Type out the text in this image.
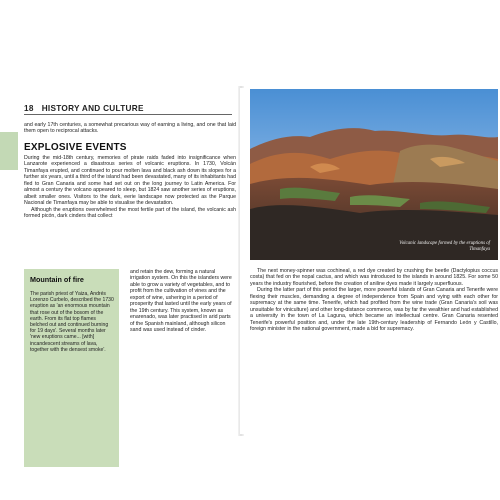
18 HISTORY AND CULTURE

and early 17th centuries, a somewhat precarious way of earning a living, and one that laid them open to reciprocal attacks.

EXPLOSIVE EVENTS

During the mid-18th century, memories of pirate raids faded into insignificance when Lanzarote experienced a disastrous series of volcanic eruptions. In 1730, Volcán Timanfaya erupted, and continued to pour molten lava and black ash down its slopes for a further six years, until a third of the island had been devastated, many of its inhabitants had fled to Gran Canaria and some had set out on the long journey to Latin America. For almost a century the volcano appeared to sleep, but 1824 saw another series of eruptions, albeit smaller ones. Visitors to the dark, eerie landscape now protected as the Parque Nacional de Timanfaya may be able to visualise the devastation.

Although the eruptions overwhelmed the most fertile part of the island, the volcanic ash formed picón, dark cinders that collect

Mountain of fire
The parish priest of Yaiza, Andrés Lorenzo Curbelo, described the 1730 eruption as 'an enormous mountain that rose out of the bosom of the earth. From its flat top flames belched out and continued burning for 19 days'. Several months later 'new eruptions came... [with] incandescent streams of lava, together with the densest smoke'.

and retain the dew, forming a natural irrigation system. On this the islanders were able to grow a variety of vegetables, and to profit from the cultivation of vines and the export of wine, ushering in a period of prosperity that lasted until the early years of the 19th century. This system, known as enarenado, was later practised in arid parts of the Spanish mainland, although silicon sand was used instead of cinder.

Volcanic landscape formed by the eruptions of Timanfaya

The next money-spinner was cochineal, a red dye created by crushing the beetle (Dactylopius coccus costa) that fed on the nopal cactus, and which was introduced to the islands in around 1825. For some 50 years the industry flourished, before the creation of aniline dyes made it largely superfluous.

During the latter part of this period the larger, more powerful islands of Gran Canaria and Tenerife were flexing their muscles, demanding a degree of independence from Spain and vying with each other for supremacy at the same time. Tenerife, which had profited from the wine trade (Gran Canaria's soil was unsuitable for viniculture) and other long-distance commerce, was by far the wealthier and had established a university in the town of La Laguna, which became an intellectual centre. Gran Canaria resented Tenerife's powerful position and, under the late 19th-century leadership of Fernando León y Castillo, foreign minister in the national government, made a bid for supremacy.
